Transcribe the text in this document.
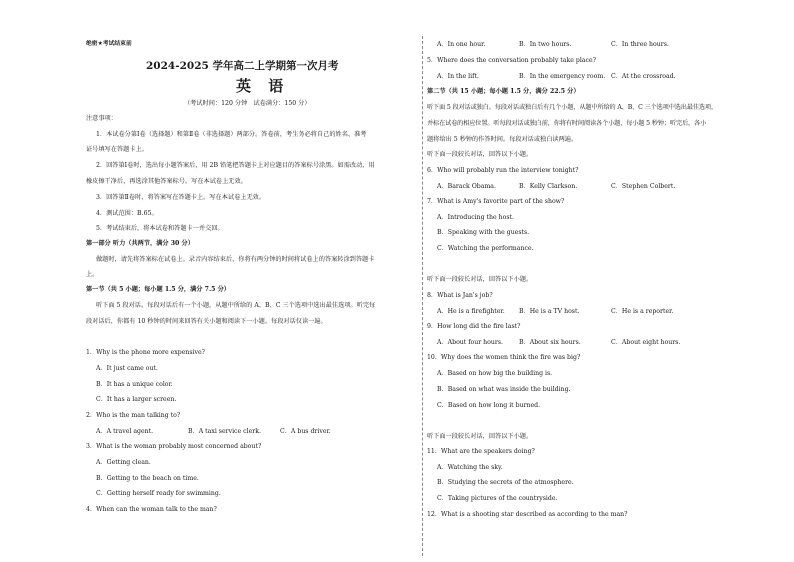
绝密★考试结束前
2024-2025 学年高二上学期第一次月考
英 语
（考试时间：120 分钟　试卷满分：150 分）
注意事项：
1．本试卷分第Ⅰ卷（选择题）和第Ⅱ卷（非选择题）两部分。答卷前，考生务必将自己的姓名、准考
证号填写在答题卡上。
2．回答第Ⅰ卷时，选出每小题答案后，用 2B 铅笔把答题卡上对应题目的答案标号涂黑。如需改动，用
橡皮擦干净后，再选涂其他答案标号。写在本试卷上无效。
3．回答第Ⅱ卷时，将答案写在答题卡上。写在本试卷上无效。
4．测试范围：B.65。
5．考试结束后，将本试卷和答题卡一并交回。
第一部分 听力（共两节，满分 30 分）
做题时，请先将答案标在试卷上。录音内容结束后，你将有两分钟的时间将试卷上的答案转涂到答题卡
上。
第一节（共 5 小题；每小题 1.5 分，满分 7.5 分）
听下面 5 段对话。每段对话后有一个小题，从题中所给的 A、B、C 三个选项中选出最佳选项。听完每
段对话后，你都有 10 秒钟的时间来回答有关小题和阅读下一小题。每段对话仅读一遍。
1．Why is the phone more expensive?
A．It just came out.
B．It has a unique color.
C．It has a larger screen.
2．Who is the man talking to?
A．A travel agent.	B．A taxi service clerk.	C．A bus driver.
3．What is the woman probably most concerned about?
A．Getting clean.
B．Getting to the beach on time.
C．Getting herself ready for swimming.
4．When can the woman talk to the man?
A．In one hour.	B．In two hours.	C．In three hours.
5．Where does the conversation probably take place?
A．In the lift.	B．In the emergency room. C．At the crossroad.
第二节（共 15 小题；每小题 1.5 分，满分 22.5 分）
听下面 5 段对话或独白。每段对话或独白后有几个小题，从题中所给的 A、B、C 三个选项中选出最佳选项，
并标在试卷的相应位置。听每段对话或独白前，你将有时间阅读各个小题，每小题 5 秒钟；听完后，各小
题将给出 5 秒钟的作答时间。每段对话或独白读两遍。
听下面一段较长对话，回答以下小题。
6．Who will probably run the interview tonight?
A．Barack Obama.	B．Kelly Clarkson.	C．Stephen Colbert.
7．What is Amy's favorite part of the show?
A．Introducing the host.
B．Speaking with the guests.
C．Watching the performance.
听下面一段较长对话，回答以下小题。
8．What is Jan's job?
A．He is a firefighter. B．He is a TV host.	C．He is a reporter.
9．How long did the fire last?
A．About four hours.	B．About six hours.	C．About eight hours.
10．Why does the women think the fire was big?
A．Based on how big the building is.
B．Based on what was inside the building.
C．Based on how long it burned.
听下面一段较长对话，回答以下小题。
11．What are the speakers doing?
A．Watching the sky.
B．Studying the secrets of the atmosphere.
C．Taking pictures of the countryside.
12．What is a shooting star described as according to the man?
